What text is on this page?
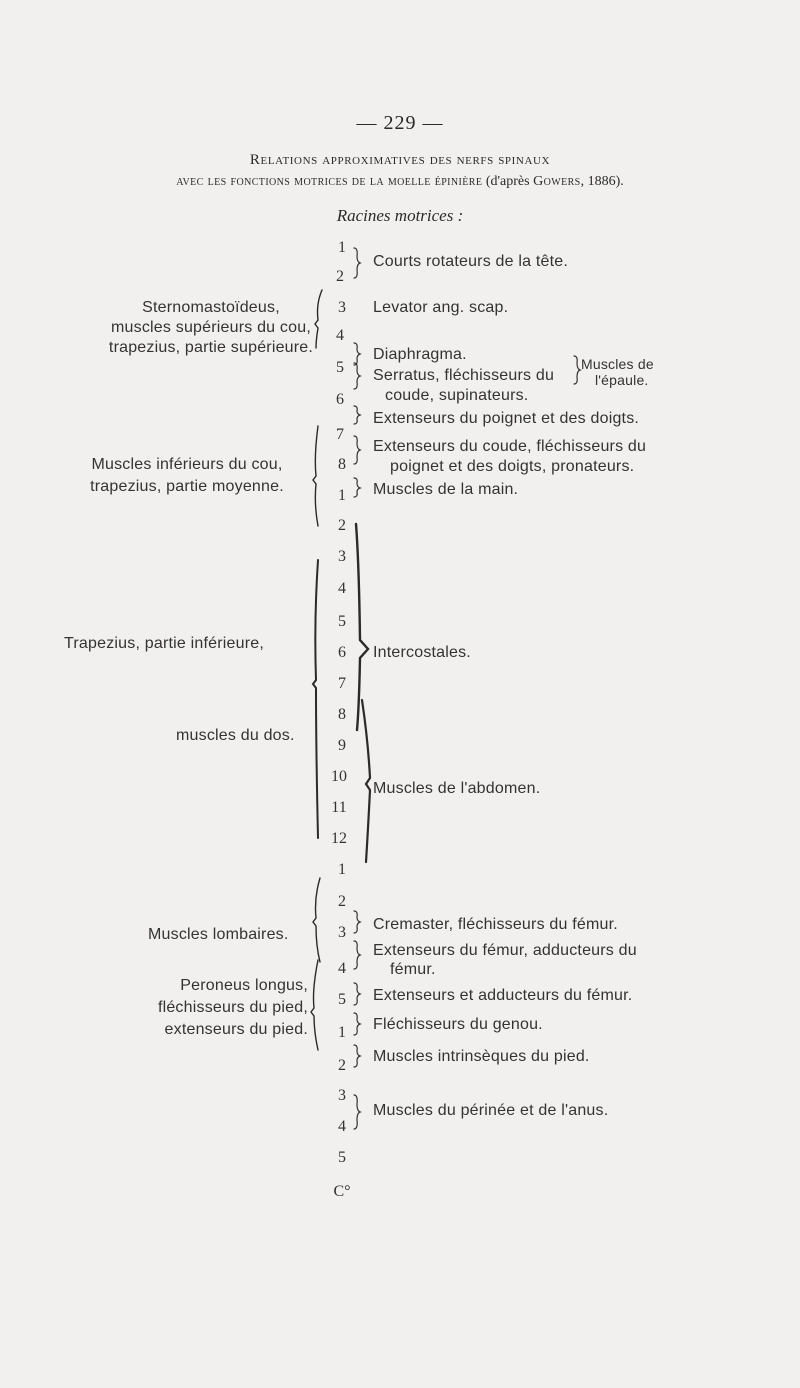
— 229 —
Relations approximatives des nerfs spinaux
avec les fonctions motrices de la moelle épinière (d'après Gowers, 1886).
Racines motrices :
Sternomastoïdeus,
muscles supérieurs du cou,
trapezius, partie supérieure.
Muscles inférieurs du cou,
trapezius, partie moyenne.
Trapezius, partie inférieure,
muscles du dos.
Muscles lombaires.
Peroneus longus,
fléchisseurs du pied,
extenseurs du pied.
1
2
3
4
5
6
7
8
1
2
3
4
5
6
7
8
9
10
11
12
1
2
3
4
5
1
2
3
4
5
C°
Courts rotateurs de la tête.
Levator ang. scap.
Diaphragma.
Serratus, fléchisseurs du
coude, supinateurs.
Muscles de
l'épaule.
Extenseurs du poignet et des doigts.
Extenseurs du coude, fléchisseurs du
poignet et des doigts, pronateurs.
Muscles de la main.
Intercostales.
Muscles de l'abdomen.
Cremaster, fléchisseurs du fémur.
Extenseurs du fémur, adducteurs du
fémur.
Extenseurs et adducteurs du fémur.
Fléchisseurs du genou.
Muscles intrinsèques du pied.
Muscles du périnée et de l'anus.
